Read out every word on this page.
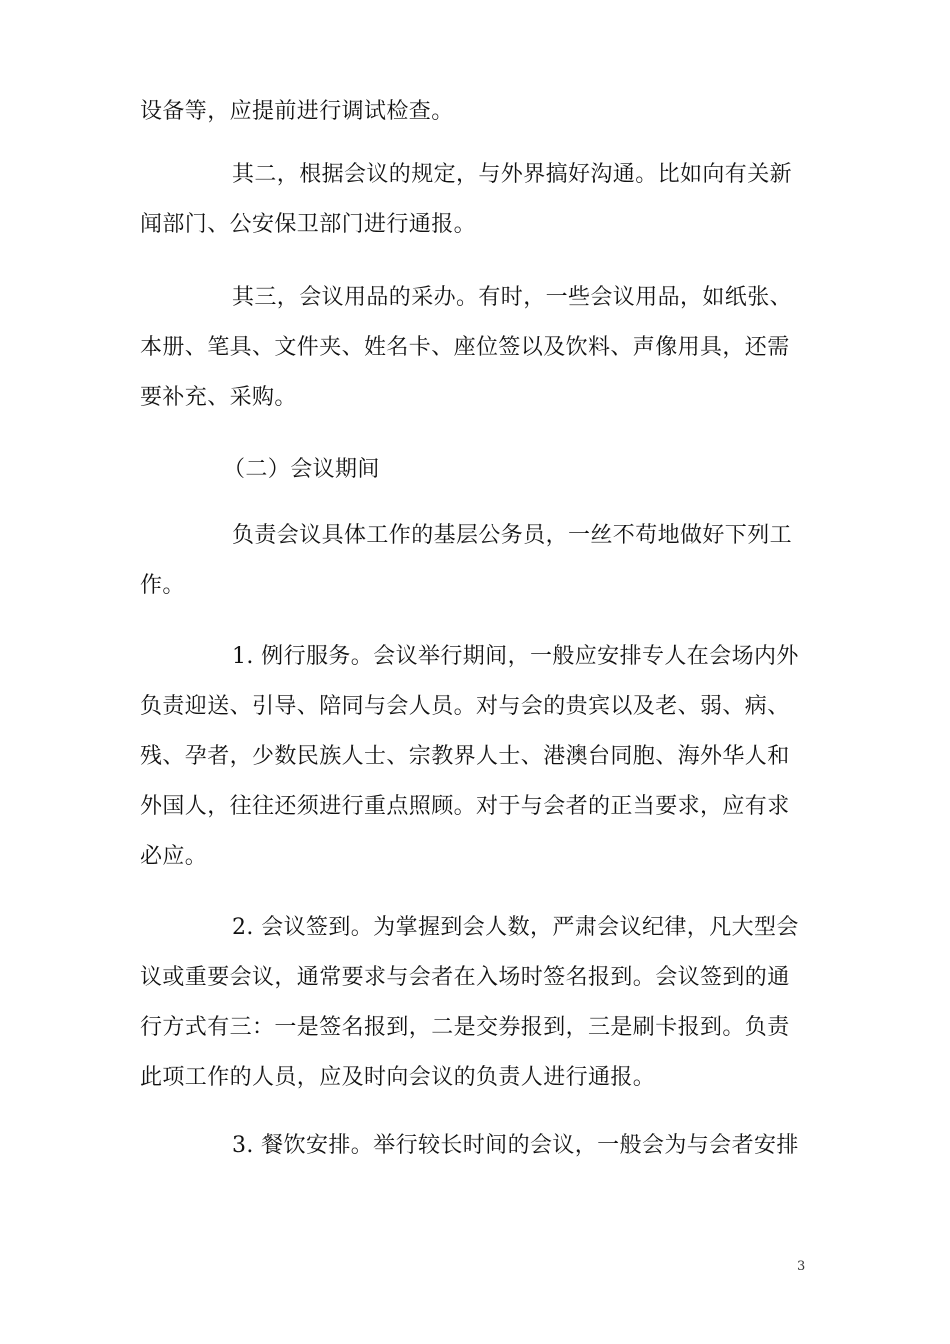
设备等，应提前进行调试检查。
其二，根据会议的规定，与外界搞好沟通。比如向有关新
闻部门、公安保卫部门进行通报。
其三，会议用品的采办。有时，一些会议用品，如纸张、
本册、笔具、文件夹、姓名卡、座位签以及饮料、声像用具，还需
要补充、采购。
（二）会议期间
负责会议具体工作的基层公务员，一丝不苟地做好下列工
作。
1. 例行服务。会议举行期间，一般应安排专人在会场内外
负责迎送、引导、陪同与会人员。对与会的贵宾以及老、弱、病、
残、孕者，少数民族人士、宗教界人士、港澳台同胞、海外华人和
外国人，往往还须进行重点照顾。对于与会者的正当要求，应有求
必应。
2. 会议签到。为掌握到会人数，严肃会议纪律，凡大型会
议或重要会议，通常要求与会者在入场时签名报到。会议签到的通
行方式有三：一是签名报到，二是交券报到，三是刷卡报到。负责
此项工作的人员，应及时向会议的负责人进行通报。
3. 餐饮安排。举行较长时间的会议，一般会为与会者安排
3
